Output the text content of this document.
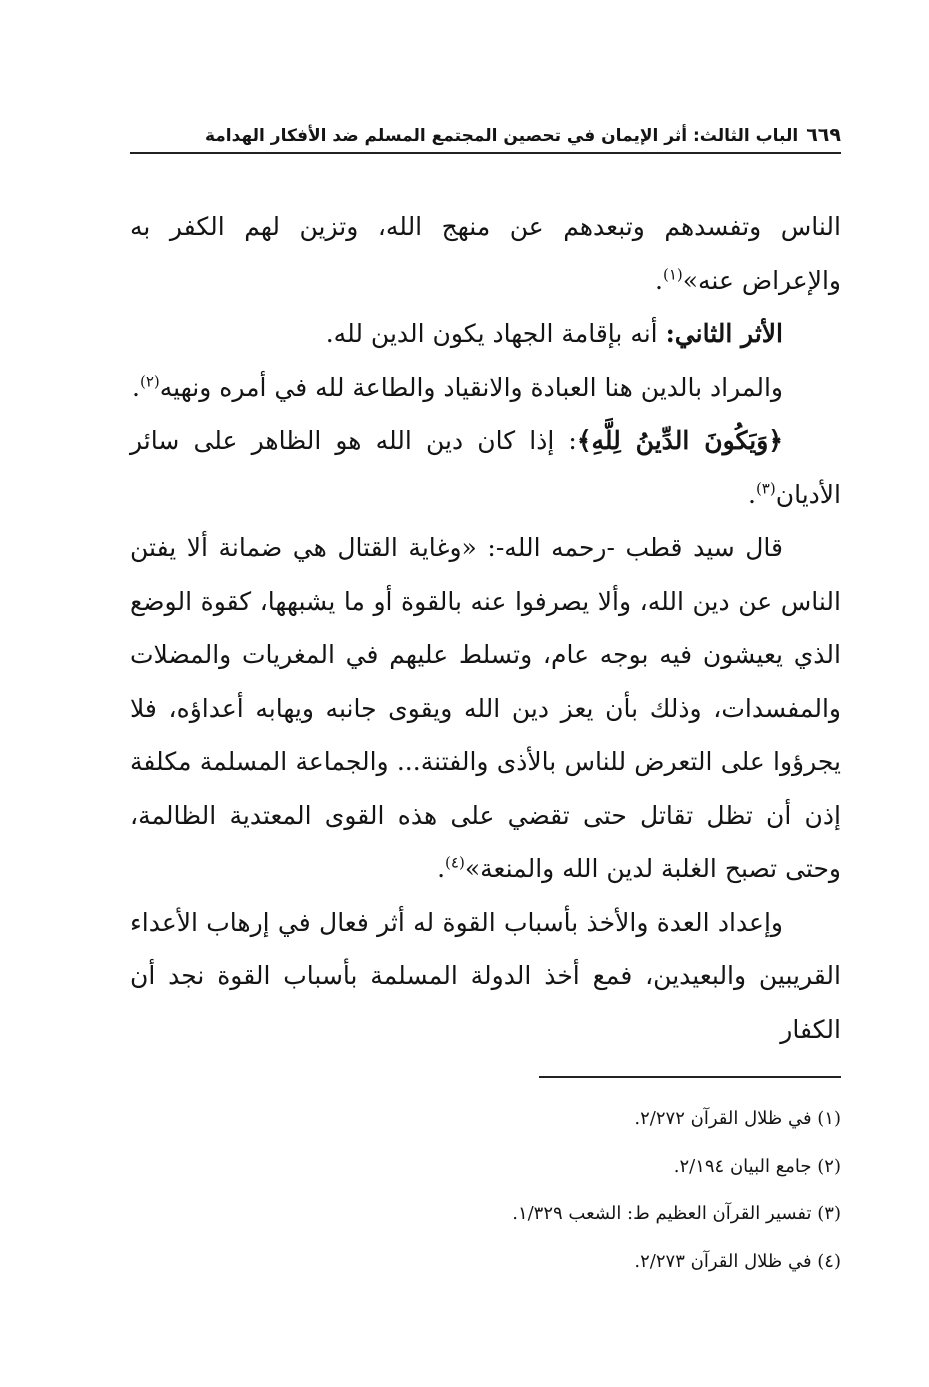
٦٦٩
الباب الثالث: أثر الإيمان في تحصين المجتمع المسلم ضد الأفكار الهدامة

الناس وتفسدهم وتبعدهم عن منهج الله، وتزين لهم الكفر به والإعراض عنه»$^{(١)}$.

الأثر الثاني: أنه بإقامة الجهاد يكون الدين لله.

والمراد بالدين هنا العبادة والانقياد والطاعة لله في أمره ونهيه$^{(٢)}$.

﴿وَيَكُونَ الدِّينُ لِلَّهِ﴾: إذا كان دين الله هو الظاهر على سائر الأديان$^{(٣)}$.

قال سيد قطب -رحمه الله-: «وغاية القتال هي ضمانة ألا يفتن الناس عن دين الله، وألا يصرفوا عنه بالقوة أو ما يشبهها، كقوة الوضع الذي يعيشون فيه بوجه عام، وتسلط عليهم في المغريات والمضلات والمفسدات، وذلك بأن يعز دين الله ويقوى جانبه ويهابه أعداؤه، فلا يجرؤوا على التعرض للناس بالأذى والفتنة... والجماعة المسلمة مكلفة إذن أن تظل تقاتل حتى تقضي على هذه القوى المعتدية الظالمة، وحتى تصبح الغلبة لدين الله والمنعة»$^{(٤)}$.

وإعداد العدة والأخذ بأسباب القوة له أثر فعال في إرهاب الأعداء القريبين والبعيدين، فمع أخذ الدولة المسلمة بأسباب القوة نجد أن الكفار

(١) في ظلال القرآن ٢/٢٧٢.
(٢) جامع البيان ٢/١٩٤.
(٣) تفسير القرآن العظيم ط: الشعب ١/٣٢٩.
(٤) في ظلال القرآن ٢/٢٧٣.
